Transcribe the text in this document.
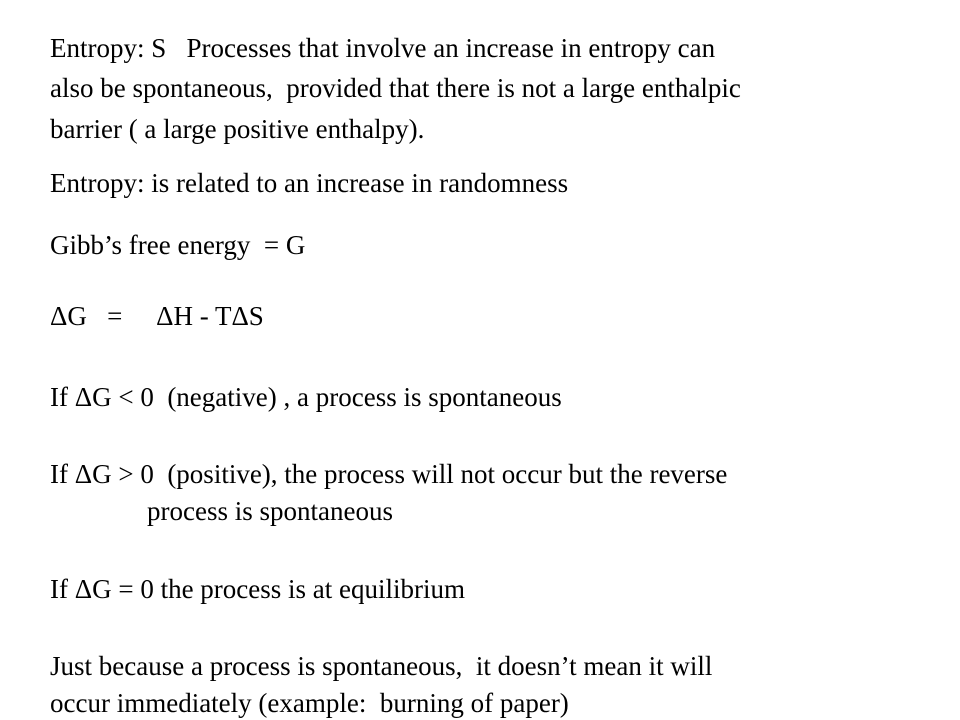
Entropy: S   Processes that involve an increase in entropy can

also be spontaneous,  provided that there is not a large enthalpic

barrier ( a large positive enthalpy).

Entropy: is related to an increase in randomness

Gibb’s free energy  = G

ΔG   =     ΔH - TΔS

If ΔG < 0  (negative) , a process is spontaneous

If ΔG > 0  (positive), the process will not occur but the reverse

process is spontaneous

If ΔG = 0 the process is at equilibrium

Just because a process is spontaneous,  it doesn’t mean it will

occur immediately (example:  burning of paper)
